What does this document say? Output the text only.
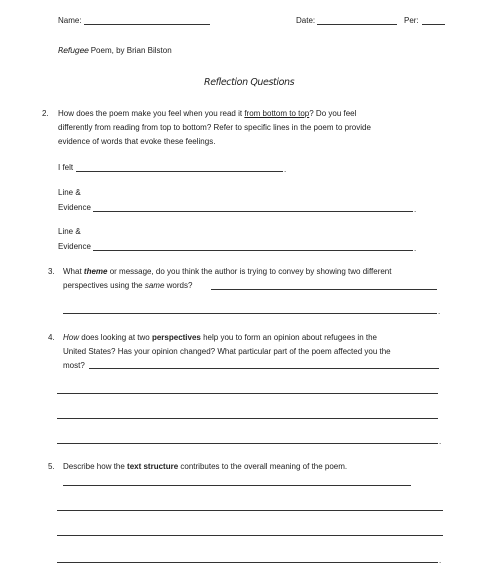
Name:	Date:	Per:
Refugee Poem, by Brian Bilston
Reflection Questions
2. How does the poem make you feel when you read it from bottom to top? Do you feel
differently from reading from top to bottom? Refer to specific lines in the poem to provide
evidence of words that evoke these feelings.
I felt	.
Line &
Evidence	.
Line &
Evidence	.
3. What theme or message, do you think the author is trying to convey by showing two different
perspectives using the same words?
.
4. How does looking at two perspectives help you to form an opinion about refugees in the
United States? Has your opinion changed? What particular part of the poem affected you the
most?
.
5. Describe how the text structure contributes to the overall meaning of the poem.
.
